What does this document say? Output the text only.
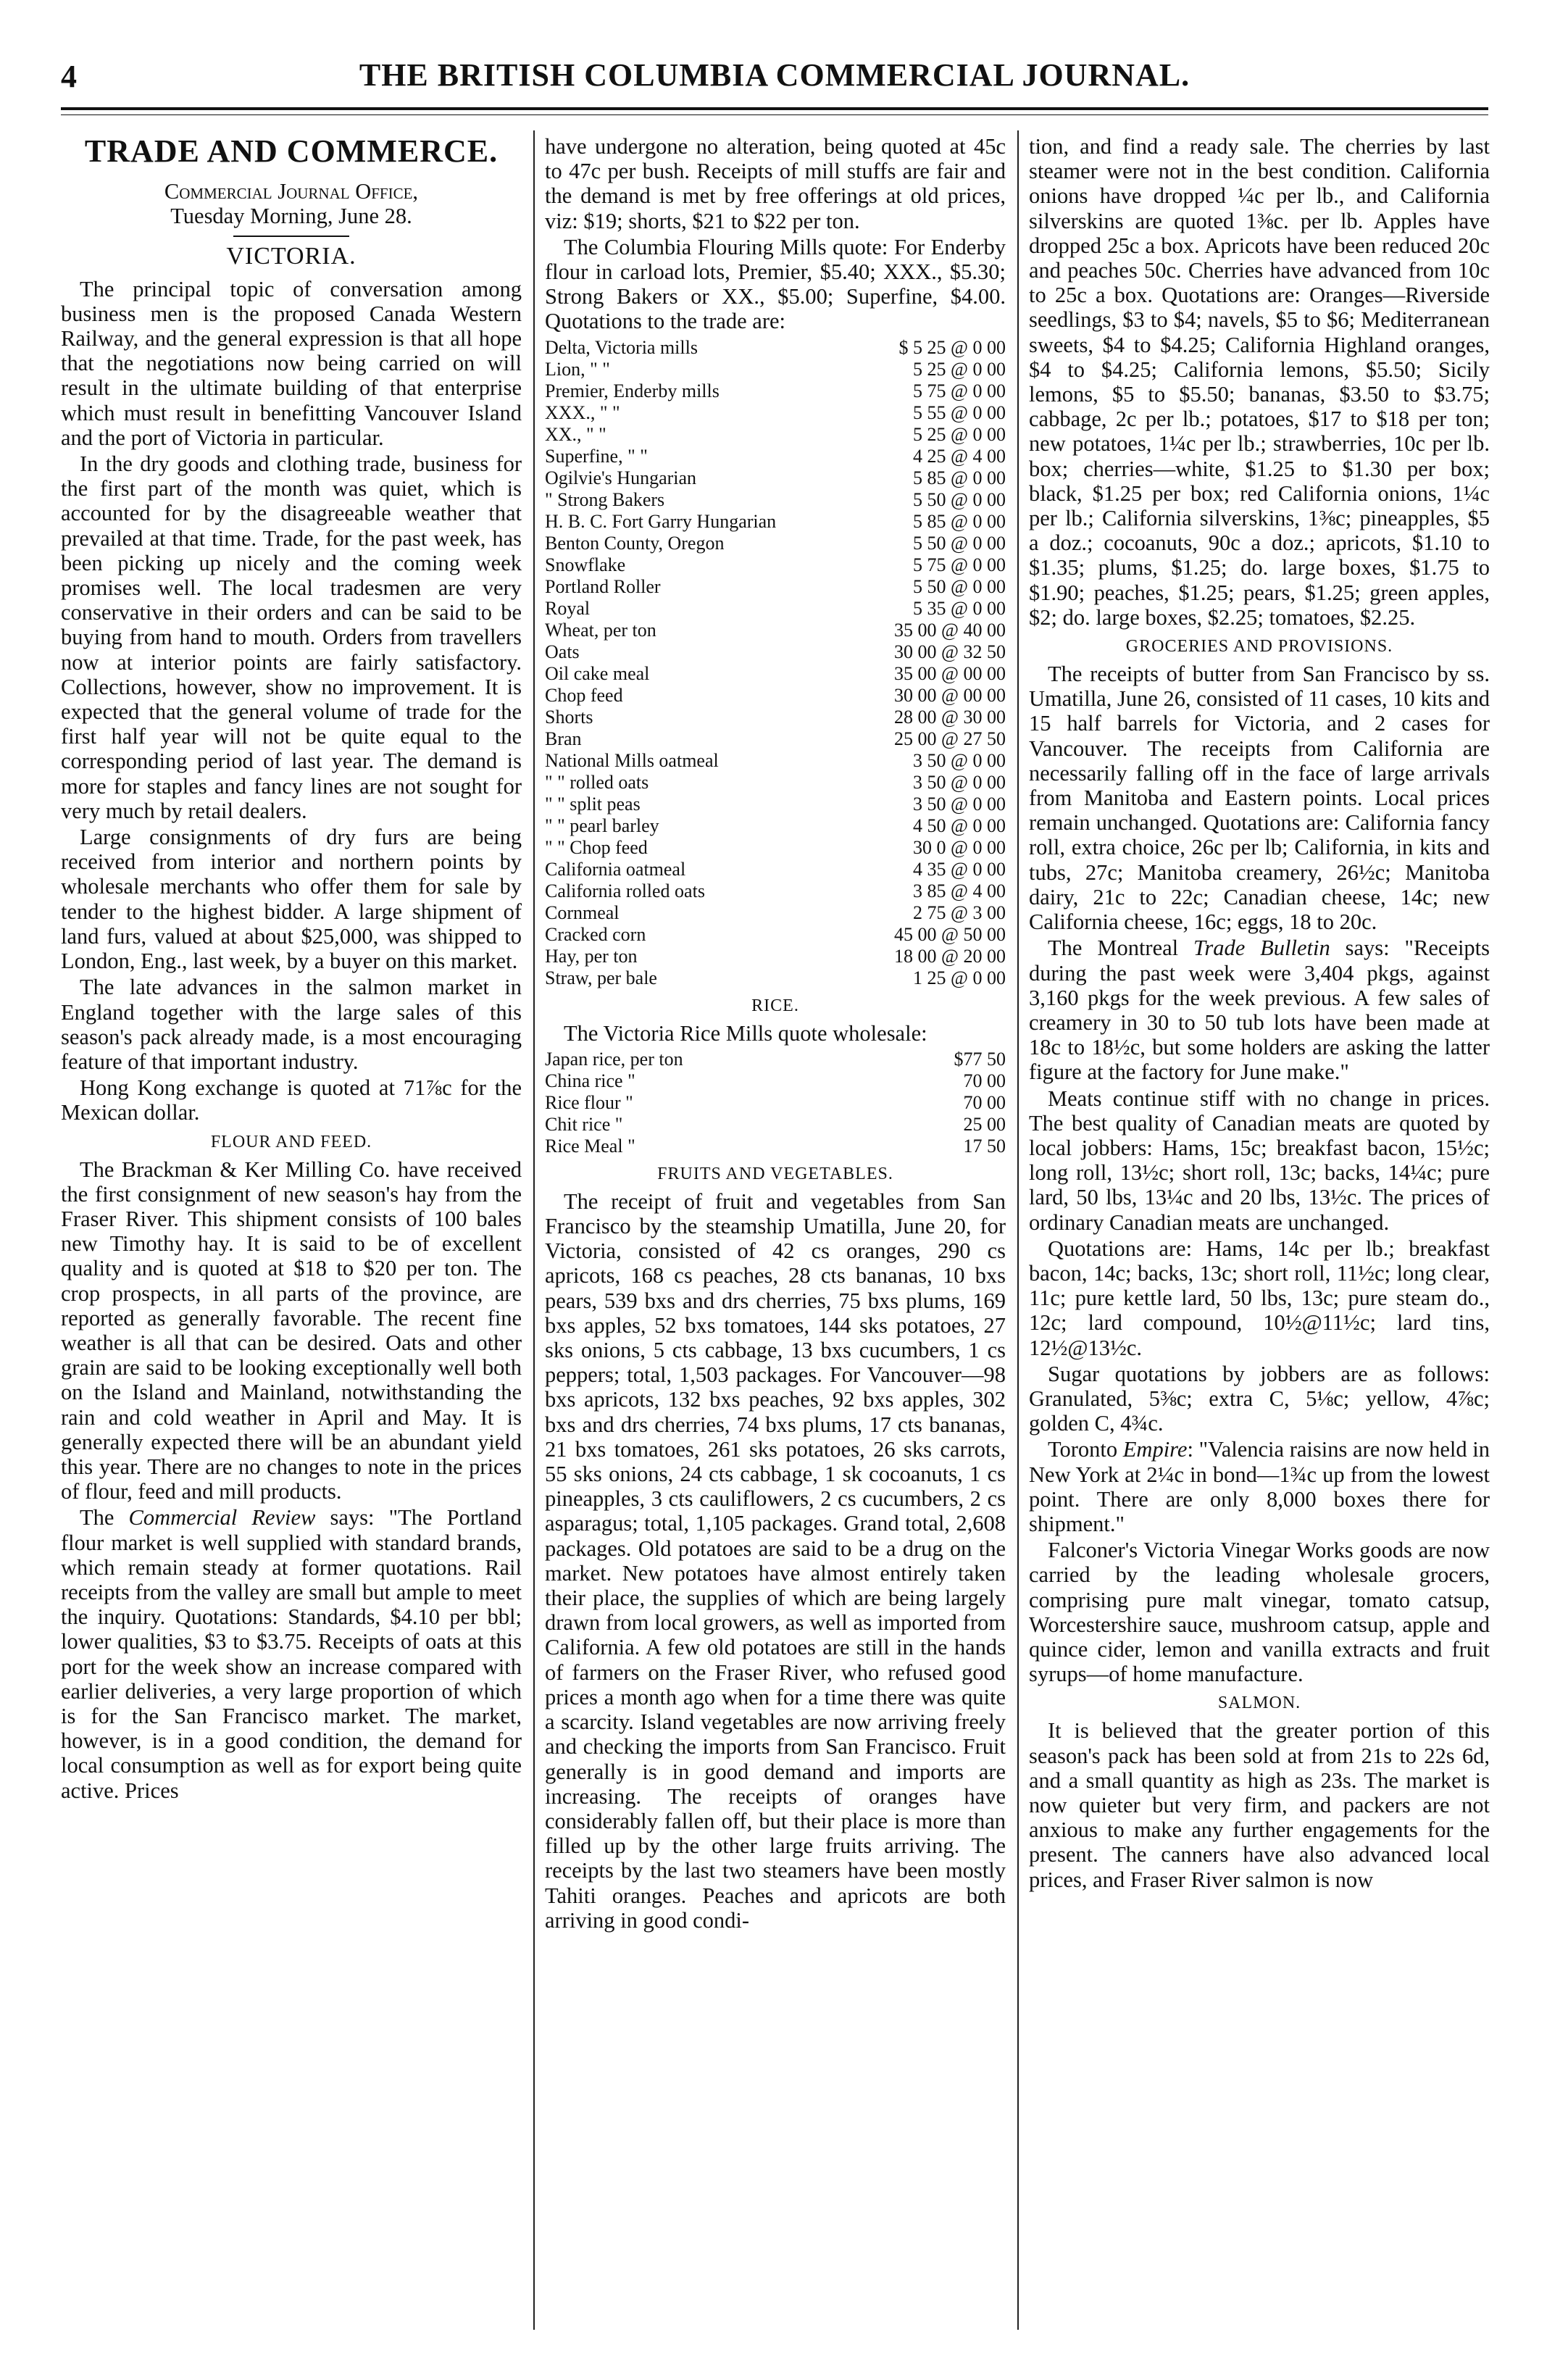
4	THE BRITISH COLUMBIA COMMERCIAL JOURNAL.
TRADE AND COMMERCE.
Commercial Journal Office,
Tuesday Morning, June 28.
VICTORIA.

The principal topic of conversation among business men is the proposed Canada Western Railway, and the general expression is that all hope that the negotiations now being carried on will result in the ultimate building of that enterprise which must result in benefitting Vancouver Island and the port of Victoria in particular.

In the dry goods and clothing trade, business for the first part of the month was quiet, which is accounted for by the disagreeable weather that prevailed at that time. Trade, for the past week, has been picking up nicely and the coming week promises well. The local tradesmen are very conservative in their orders and can be said to be buying from hand to mouth. Orders from travellers now at interior points are fairly satisfactory. Collections, however, show no improvement. It is expected that the general volume of trade for the first half year will not be quite equal to the corresponding period of last year. The demand is more for staples and fancy lines are not sought for very much by retail dealers.

Large consignments of dry furs are being received from interior and northern points by wholesale merchants who offer them for sale by tender to the highest bidder. A large shipment of land furs, valued at about $25,000, was shipped to London, Eng., last week, by a buyer on this market.

The late advances in the salmon market in England together with the large sales of this season's pack already made, is a most encouraging feature of that important industry.

Hong Kong exchange is quoted at 71⅞c for the Mexican dollar.

FLOUR AND FEED.

The Brackman & Ker Milling Co. have received the first consignment of new season's hay from the Fraser River. This shipment consists of 100 bales new Timothy hay. It is said to be of excellent quality and is quoted at $18 to $20 per ton. The crop prospects, in all parts of the province, are reported as generally favorable. The recent fine weather is all that can be desired. Oats and other grain are said to be looking exceptionally well both on the Island and Mainland, notwithstanding the rain and cold weather in April and May. It is generally expected there will be an abundant yield this year. There are no changes to note in the prices of flour, feed and mill products.

The Commercial Review says: "The Portland flour market is well supplied with standard brands, which remain steady at former quotations. Rail receipts from the valley are small but ample to meet the inquiry. Quotations: Standards, $4.10 per bbl; lower qualities, $3 to $3.75. Receipts of oats at this port for the week show an increase compared with earlier deliveries, a very large proportion of which is for the San Francisco market. The market, however, is in a good condition, the demand for local consumption as well as for export being quite active. Prices

have undergone no alteration, being quoted at 45c to 47c per bush. Receipts of mill stuffs are fair and the demand is met by free offerings at old prices, viz: $19; shorts, $21 to $22 per ton.

The Columbia Flouring Mills quote: For Enderby flour in carload lots, Premier, $5.40; XXX., $5.30; Strong Bakers or XX., $5.00; Superfine, $4.00. Quotations to the trade are:

Delta, Victoria mills	$ 5 25 @ 0 00
Lion, " "	5 25 @ 0 00
Premier, Enderby mills	5 75 @ 0 00
XXX., " "	5 55 @ 0 00
XX., " "	5 25 @ 0 00
Superfine, " "	4 25 @ 4 00
Ogilvie's Hungarian	5 85 @ 0 00
" Strong Bakers	5 50 @ 0 00
H. B. C. Fort Garry Hungarian	5 85 @ 0 00
Benton County, Oregon	5 50 @ 0 00
Snowflake	5 75 @ 0 00
Portland Roller	5 50 @ 0 00
Royal	5 35 @ 0 00
Wheat, per ton	35 00 @ 40 00
Oats	30 00 @ 32 50
Oil cake meal	35 00 @ 00 00
Chop feed	30 00 @ 00 00
Shorts	28 00 @ 30 00
Bran	25 00 @ 27 50
National Mills oatmeal	3 50 @ 0 00
" " rolled oats	3 50 @ 0 00
" " split peas	3 50 @ 0 00
" " pearl barley	4 50 @ 0 00
" " Chop feed	30 0 @ 0 00
California oatmeal	4 35 @ 0 00
California rolled oats	3 85 @ 4 00
Cornmeal	2 75 @ 3 00
Cracked corn	45 00 @ 50 00
Hay, per ton	18 00 @ 20 00
Straw, per bale	1 25 @ 0 00
RICE.

The Victoria Rice Mills quote wholesale:

Japan rice, per ton	$77 50
China rice "	70 00
Rice flour "	70 00
Chit rice "	25 00
Rice Meal "	17 50
FRUITS AND VEGETABLES.

The receipt of fruit and vegetables from San Francisco by the steamship Umatilla, June 20, for Victoria, consisted of 42 cs oranges, 290 cs apricots, 168 cs peaches, 28 cts bananas, 10 bxs pears, 539 bxs and drs cherries, 75 bxs plums, 169 bxs apples, 52 bxs tomatoes, 144 sks potatoes, 27 sks onions, 5 cts cabbage, 13 bxs cucumbers, 1 cs peppers; total, 1,503 packages. For Vancouver—98 bxs apricots, 132 bxs peaches, 92 bxs apples, 302 bxs and drs cherries, 74 bxs plums, 17 cts bananas, 21 bxs tomatoes, 261 sks potatoes, 26 sks carrots, 55 sks onions, 24 cts cabbage, 1 sk cocoanuts, 1 cs pineapples, 3 cts cauliflowers, 2 cs cucumbers, 2 cs asparagus; total, 1,105 packages. Grand total, 2,608 packages. Old potatoes are said to be a drug on the market. New potatoes have almost entirely taken their place, the supplies of which are being largely drawn from local growers, as well as imported from California. A few old potatoes are still in the hands of farmers on the Fraser River, who refused good prices a month ago when for a time there was quite a scarcity. Island vegetables are now arriving freely and checking the imports from San Francisco. Fruit generally is in good demand and imports are increasing. The receipts of oranges have considerably fallen off, but their place is more than filled up by the other large fruits arriving. The receipts by the last two steamers have been mostly Tahiti oranges. Peaches and apricots are both arriving in good condi-

tion, and find a ready sale. The cherries by last steamer were not in the best condition. California onions have dropped ¼c per lb., and California silverskins are quoted 1⅜c. per lb. Apples have dropped 25c a box. Apricots have been reduced 20c and peaches 50c. Cherries have advanced from 10c to 25c a box. Quotations are: Oranges—Riverside seedlings, $3 to $4; navels, $5 to $6; Mediterranean sweets, $4 to $4.25; California Highland oranges, $4 to $4.25; California lemons, $5.50; Sicily lemons, $5 to $5.50; bananas, $3.50 to $3.75; cabbage, 2c per lb.; potatoes, $17 to $18 per ton; new potatoes, 1¼c per lb.; strawberries, 10c per lb. box; cherries—white, $1.25 to $1.30 per box; black, $1.25 per box; red California onions, 1¼c per lb.; California silverskins, 1⅜c; pineapples, $5 a doz.; cocoanuts, 90c a doz.; apricots, $1.10 to $1.35; plums, $1.25; do. large boxes, $1.75 to $1.90; peaches, $1.25; pears, $1.25; green apples, $2; do. large boxes, $2.25; tomatoes, $2.25.

GROCERIES AND PROVISIONS.

The receipts of butter from San Francisco by ss. Umatilla, June 26, consisted of 11 cases, 10 kits and 15 half barrels for Victoria, and 2 cases for Vancouver. The receipts from California are necessarily falling off in the face of large arrivals from Manitoba and Eastern points. Local prices remain unchanged. Quotations are: California fancy roll, extra choice, 26c per lb; California, in kits and tubs, 27c; Manitoba creamery, 26½c; Manitoba dairy, 21c to 22c; Canadian cheese, 14c; new California cheese, 16c; eggs, 18 to 20c.

The Montreal Trade Bulletin says: "Receipts during the past week were 3,404 pkgs, against 3,160 pkgs for the week previous. A few sales of creamery in 30 to 50 tub lots have been made at 18c to 18½c, but some holders are asking the latter figure at the factory for June make."

Meats continue stiff with no change in prices. The best quality of Canadian meats are quoted by local jobbers: Hams, 15c; breakfast bacon, 15½c; long roll, 13½c; short roll, 13c; backs, 14¼c; pure lard, 50 lbs, 13¼c and 20 lbs, 13½c. The prices of ordinary Canadian meats are unchanged.

Quotations are: Hams, 14c per lb.; breakfast bacon, 14c; backs, 13c; short roll, 11½c; long clear, 11c; pure kettle lard, 50 lbs, 13c; pure steam do., 12c; lard compound, 10½@11½c; lard tins, 12½@13½c.

Sugar quotations by jobbers are as follows: Granulated, 5⅜c; extra C, 5⅛c; yellow, 4⅞c; golden C, 4¾c.

Toronto Empire: "Valencia raisins are now held in New York at 2¼c in bond—1¾c up from the lowest point. There are only 8,000 boxes there for shipment."

Falconer's Victoria Vinegar Works goods are now carried by the leading wholesale grocers, comprising pure malt vinegar, tomato catsup, Worcestershire sauce, mushroom catsup, apple and quince cider, lemon and vanilla extracts and fruit syrups—of home manufacture.

SALMON.

It is believed that the greater portion of this season's pack has been sold at from 21s to 22s 6d, and a small quantity as high as 23s. The market is now quieter but very firm, and packers are not anxious to make any further engagements for the present. The canners have also advanced local prices, and Fraser River salmon is now
